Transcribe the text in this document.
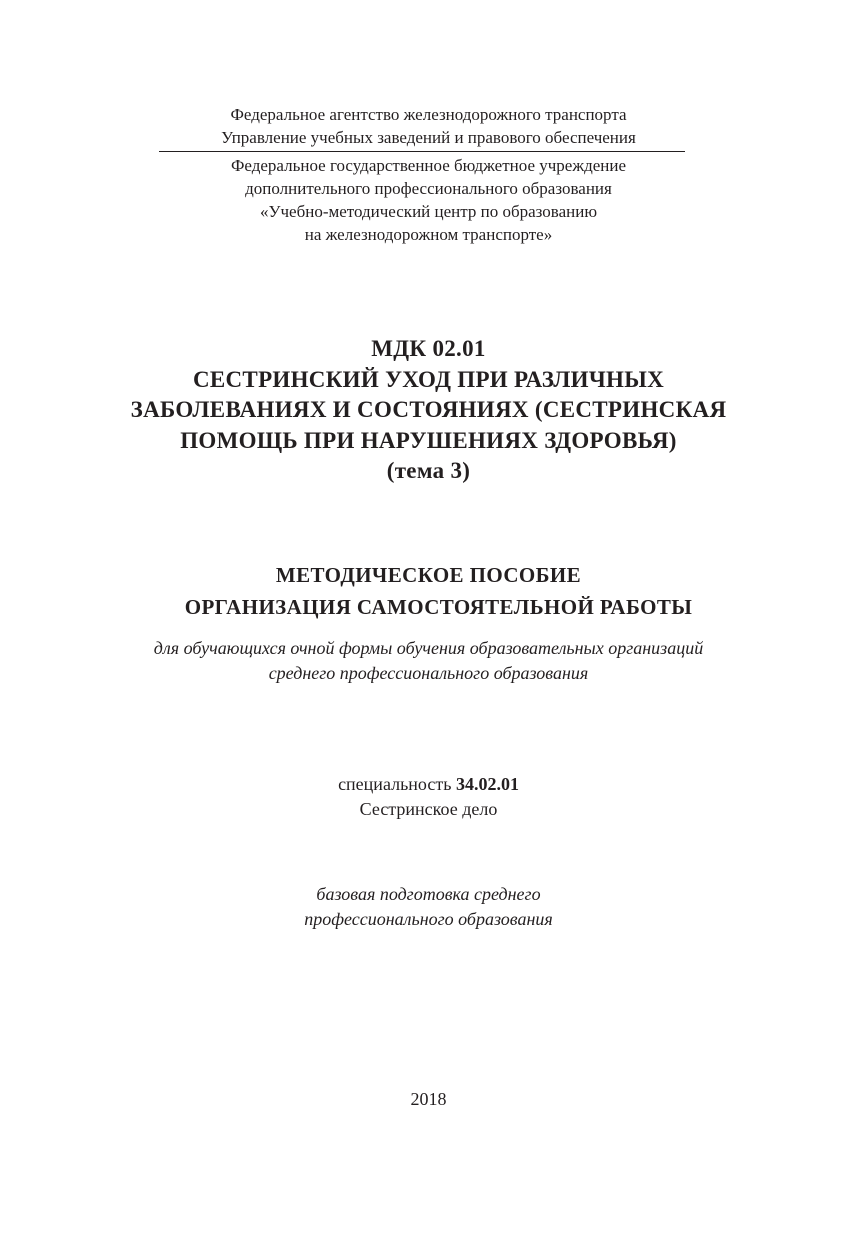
Федеральное агентство железнодорожного транспорта
Управление учебных заведений и правового обеспечения
Федеральное государственное бюджетное учреждение
дополнительного профессионального образования
«Учебно-методический центр по образованию
на железнодорожном транспорте»
МДК 02.01
СЕСТРИНСКИЙ УХОД ПРИ РАЗЛИЧНЫХ
ЗАБОЛЕВАНИЯХ И СОСТОЯНИЯХ (СЕСТРИНСКАЯ
ПОМОЩЬ ПРИ НАРУШЕНИЯХ ЗДОРОВЬЯ)
(тема 3)
МЕТОДИЧЕСКОЕ ПОСОБИЕ
ОРГАНИЗАЦИЯ САМОСТОЯТЕЛЬНОЙ РАБОТЫ
для обучающихся очной формы обучения образовательных организаций
среднего профессионального образования
специальность 34.02.01
Сестринское дело
базовая подготовка среднего
профессионального образования
2018
